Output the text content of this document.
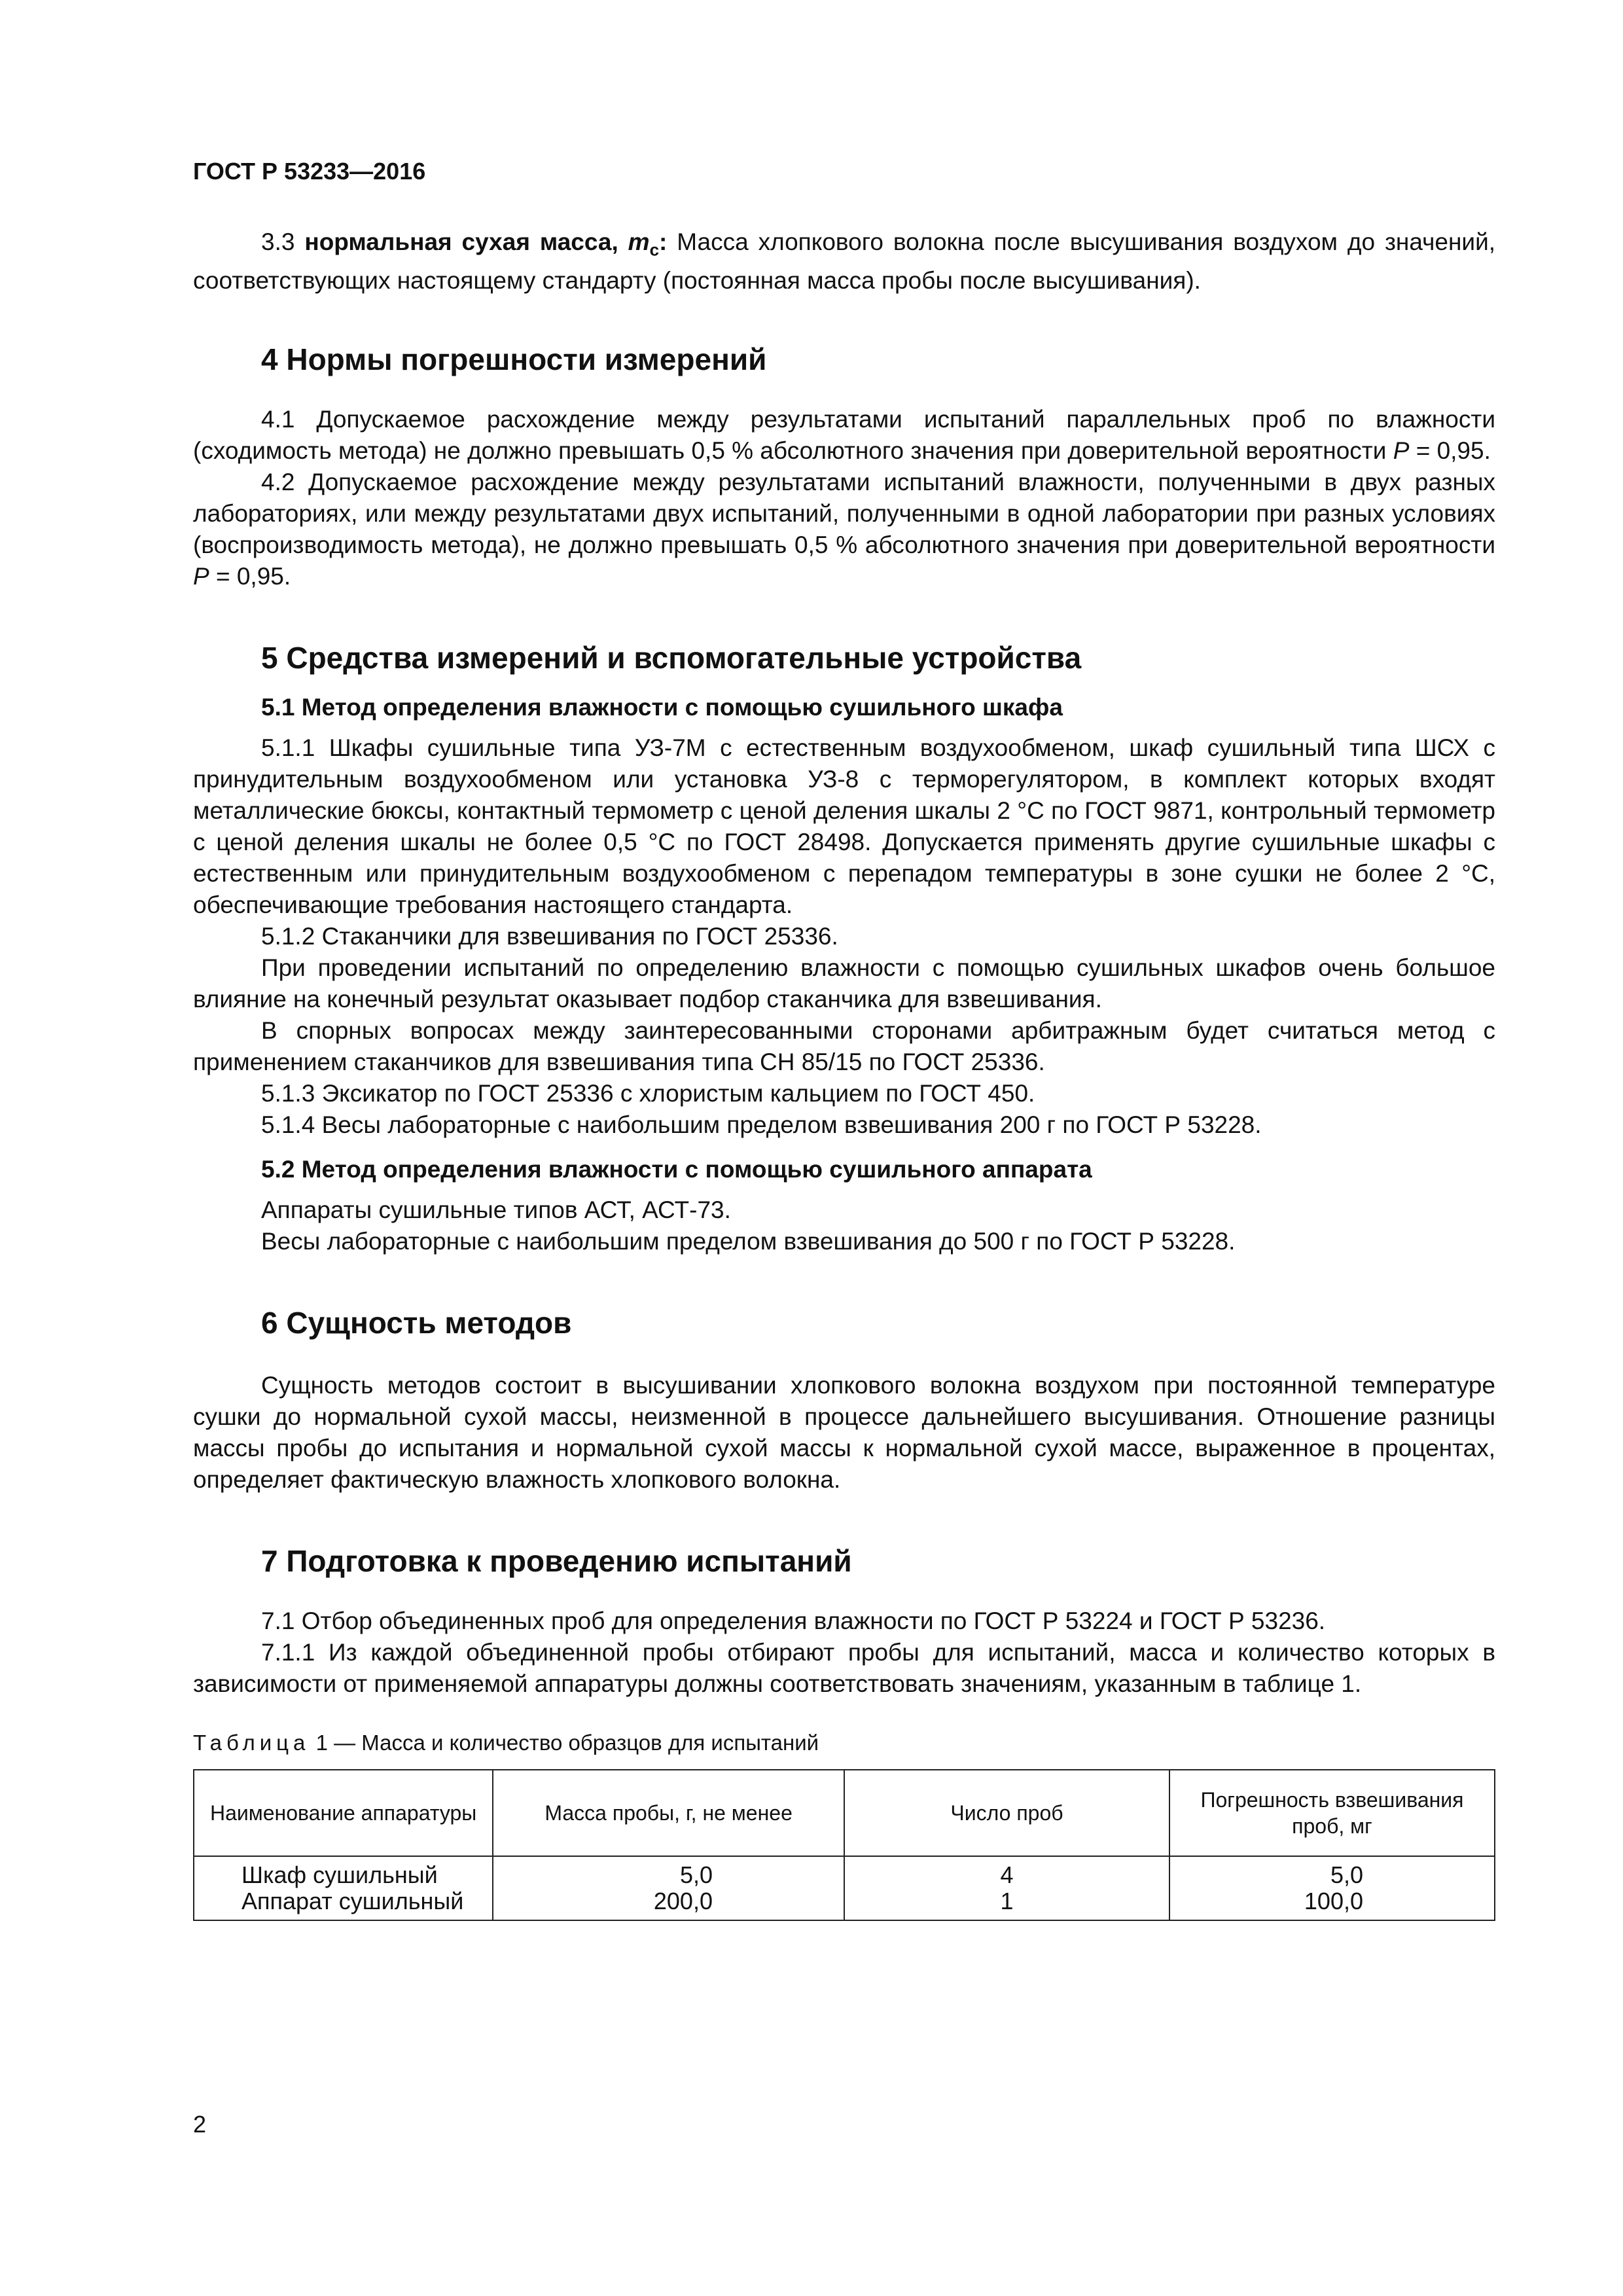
ГОСТ Р 53233—2016

3.3 нормальная сухая масса, $m_c$: Масса хлопкового волокна после высушивания воздухом до значений, соответствующих настоящему стандарту (постоянная масса пробы после высушивания).

4 Нормы погрешности измерений

4.1 Допускаемое расхождение между результатами испытаний параллельных проб по влажности (сходимость метода) не должно превышать 0,5 % абсолютного значения при доверительной вероятности P = 0,95.

4.2 Допускаемое расхождение между результатами испытаний влажности, полученными в двух разных лабораториях, или между результатами двух испытаний, полученными в одной лаборатории при разных условиях (воспроизводимость метода), не должно превышать 0,5 % абсолютного значения при доверительной вероятности P = 0,95.

5 Средства измерений и вспомогательные устройства
5.1 Метод определения влажности с помощью сушильного шкафа

5.1.1 Шкафы сушильные типа УЗ-7М с естественным воздухообменом, шкаф сушильный типа ШСХ с принудительным воздухообменом или установка УЗ-8 с терморегулятором, в комплект которых входят металлические бюксы, контактный термометр с ценой деления шкалы 2 °С по ГОСТ 9871, контрольный термометр с ценой деления шкалы не более 0,5 °С по ГОСТ 28498. Допускается применять другие сушильные шкафы с естественным или принудительным воздухообменом с перепадом температуры в зоне сушки не более 2 °С, обеспечивающие требования настоящего стандарта.

5.1.2 Стаканчики для взвешивания по ГОСТ 25336.

При проведении испытаний по определению влажности с помощью сушильных шкафов очень большое влияние на конечный результат оказывает подбор стаканчика для взвешивания.

В спорных вопросах между заинтересованными сторонами арбитражным будет считаться метод с применением стаканчиков для взвешивания типа СН 85/15 по ГОСТ 25336.

5.1.3 Эксикатор по ГОСТ 25336 с хлористым кальцием по ГОСТ 450.

5.1.4 Весы лабораторные с наибольшим пределом взвешивания 200 г по ГОСТ Р 53228.

5.2 Метод определения влажности с помощью сушильного аппарата

Аппараты сушильные типов АСТ, АСТ-73.

Весы лабораторные с наибольшим пределом взвешивания до 500 г по ГОСТ Р 53228.

6 Сущность методов

Сущность методов состоит в высушивании хлопкового волокна воздухом при постоянной температуре сушки до нормальной сухой массы, неизменной в процессе дальнейшего высушивания. Отношение разницы массы пробы до испытания и нормальной сухой массы к нормальной сухой массе, выраженное в процентах, определяет фактическую влажность хлопкового волокна.

7 Подготовка к проведению испытаний

7.1 Отбор объединенных проб для определения влажности по ГОСТ Р 53224 и ГОСТ Р 53236.

7.1.1 Из каждой объединенной пробы отбирают пробы для испытаний, масса и количество которых в зависимости от применяемой аппаратуры должны соответствовать значениям, указанным в таблице 1.

Таблица 1 — Масса и количество образцов для испытаний
Наименование аппаратуры	Масса пробы, г, не менее	Число проб	Погрешность взвешивания проб, мг
Шкаф сушильный	5,0	4	5,0
Аппарат сушильный	200,0	1	100,0
2
